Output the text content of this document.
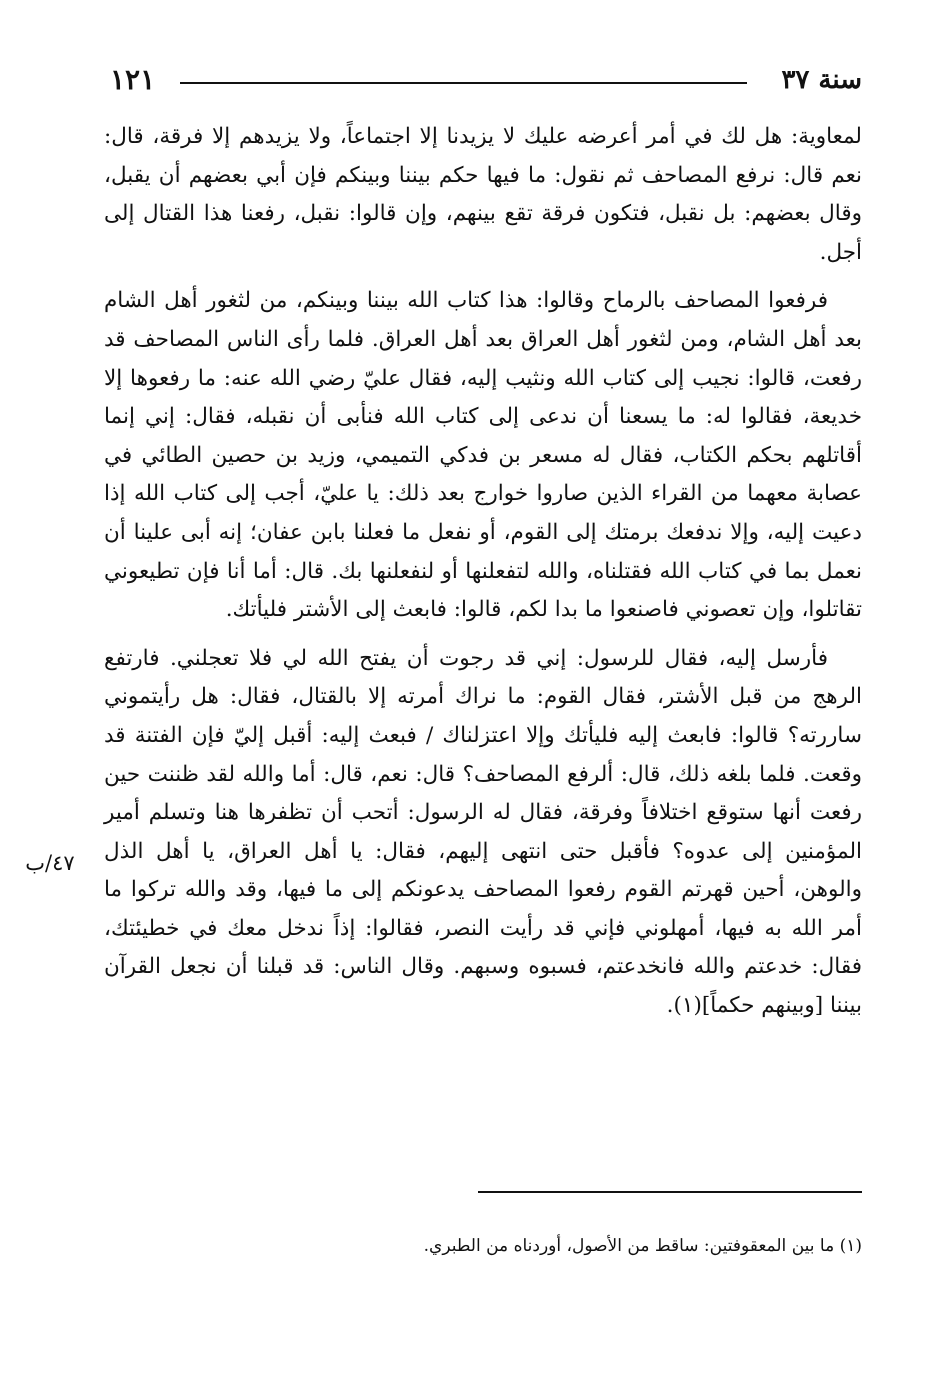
سنة ٣٧
١٢١
لمعاوية: هل لك في أمر أعرضه عليك لا يزيدنا إلا اجتماعاً، ولا يزيدهم إلا فرقة، قال: نعم قال: نرفع المصاحف ثم نقول: ما فيها حكم بيننا وبينكم فإن أبي بعضهم أن يقبل، وقال بعضهم: بل نقبل، فتكون فرقة تقع بينهم، وإن قالوا: نقبل، رفعنا هذا القتال إلى أجل.
فرفعوا المصاحف بالرماح وقالوا: هذا كتاب الله بيننا وبينكم، من لثغور أهل الشام بعد أهل الشام، ومن لثغور أهل العراق بعد أهل العراق. فلما رأى الناس المصاحف قد رفعت، قالوا: نجيب إلى كتاب الله ونثيب إليه، فقال عليّ رضي الله عنه: ما رفعوها إلا خديعة، فقالوا له: ما يسعنا أن ندعى إلى كتاب الله فنأبى أن نقبله، فقال: إني إنما أقاتلهم بحكم الكتاب، فقال له مسعر بن فدكي التميمي، وزيد بن حصين الطائي في عصابة معهما من القراء الذين صاروا خوارج بعد ذلك: يا عليّ، أجب إلى كتاب الله إذا دعيت إليه، وإلا ندفعك برمتك إلى القوم، أو نفعل ما فعلنا بابن عفان؛ إنه أبى علينا أن نعمل بما في كتاب الله فقتلناه، والله لتفعلنها أو لنفعلنها بك. قال: أما أنا فإن تطيعوني تقاتلوا، وإن تعصوني فاصنعوا ما بدا لكم، قالوا: فابعث إلى الأشتر فليأتك.
فأرسل إليه، فقال للرسول: إني قد رجوت أن يفتح الله لي فلا تعجلني. فارتفع الرهج من قبل الأشتر، فقال القوم: ما نراك أمرته إلا بالقتال، فقال: هل رأيتموني ساررته؟ قالوا: فابعث إليه فليأتك وإلا اعتزلناك / فبعث إليه: أقبل إليّ فإن الفتنة قد وقعت. فلما بلغه ذلك، قال: ألرفع المصاحف؟ قال: نعم، قال: أما والله لقد ظننت حين رفعت أنها ستوقع اختلافاً وفرقة، فقال له الرسول: أتحب أن تظفرها هنا وتسلم أمير المؤمنين إلى عدوه؟ فأقبل حتى انتهى إليهم، فقال: يا أهل العراق، يا أهل الذل والوهن، أحين قهرتم القوم رفعوا المصاحف يدعونكم إلى ما فيها، وقد والله تركوا ما أمر الله به فيها، أمهلوني فإني قد رأيت النصر، فقالوا: إذاً ندخل معك في خطيئتك، فقال: خدعتم والله فانخدعتم، فسبوه وسبهم. وقال الناس: قد قبلنا أن نجعل القرآن بيننا [وبينهم حكماً](١).
٤٧/ب
(١) ما بين المعقوفتين: ساقط من الأصول، أوردناه من الطبري.
